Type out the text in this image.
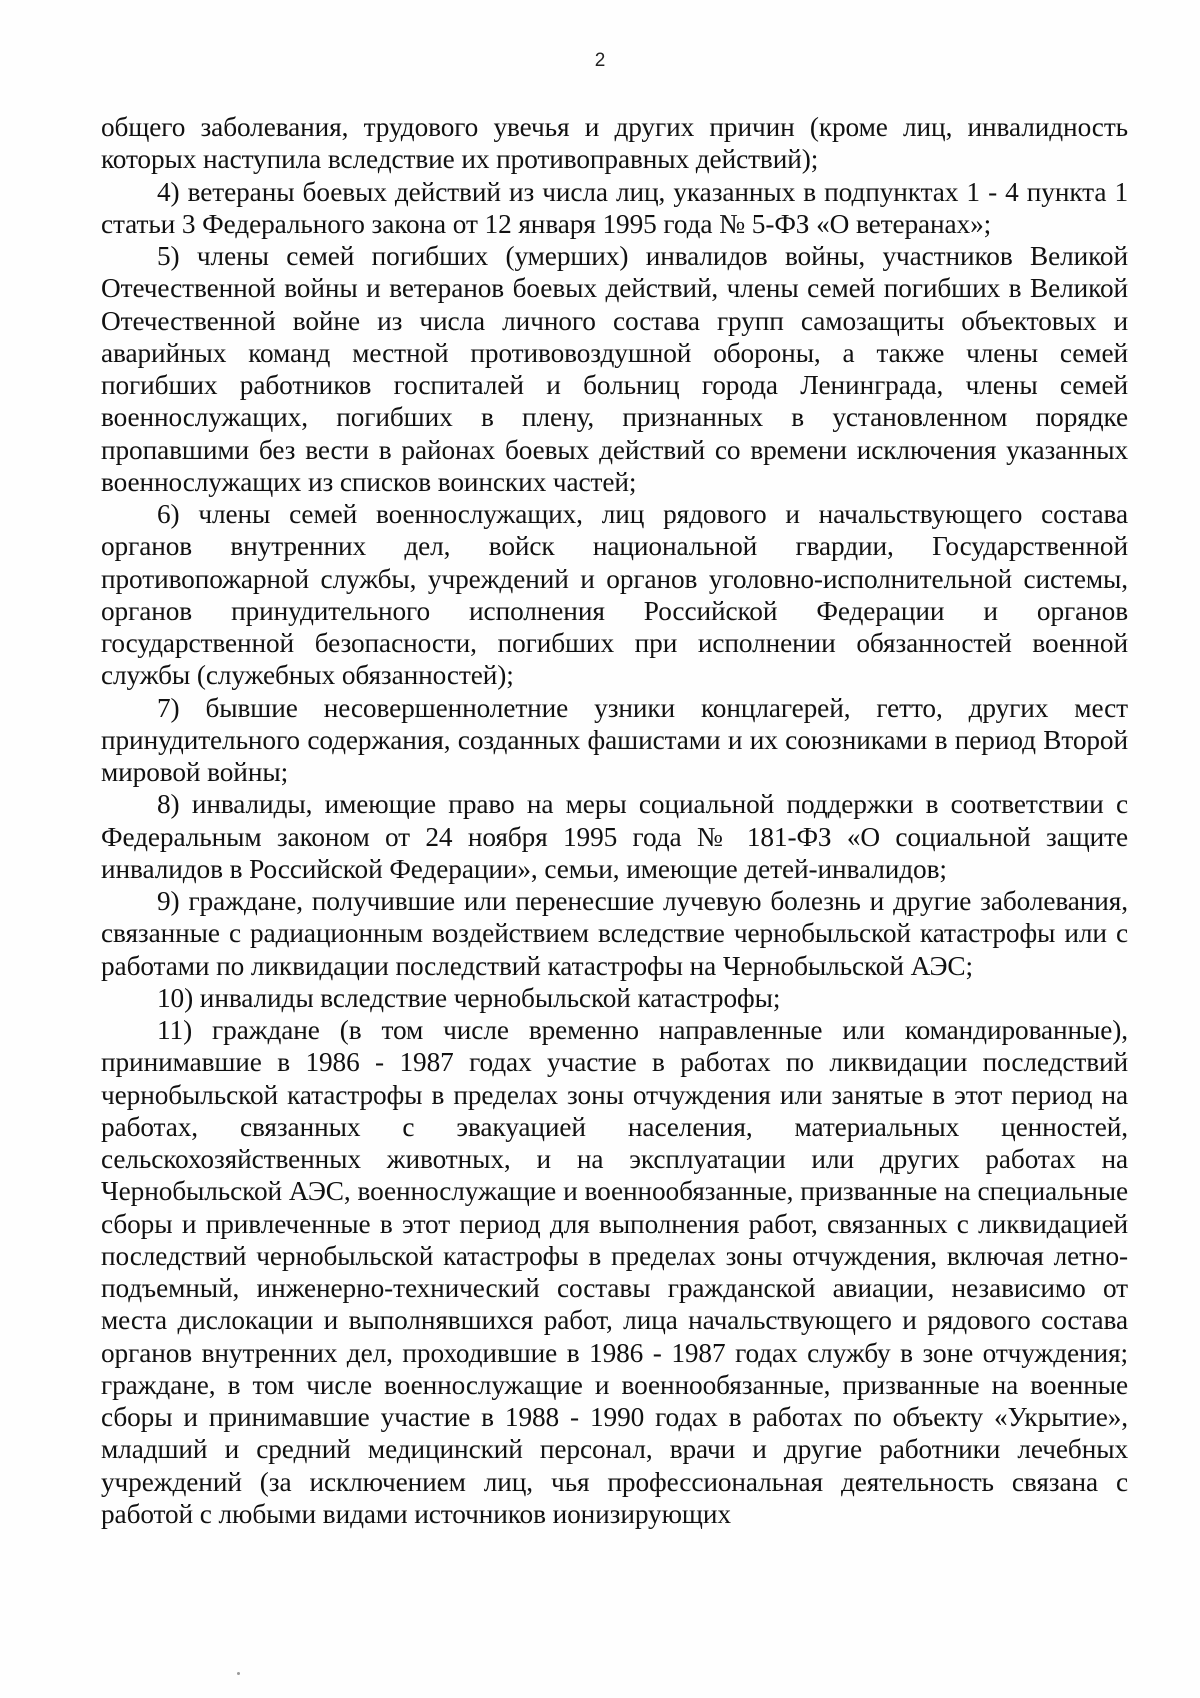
2

общего заболевания, трудового увечья и других причин (кроме лиц, инвалидность которых наступила вследствие их противоправных действий);

4) ветераны боевых действий из числа лиц, указанных в подпунктах 1 - 4 пункта 1 статьи 3 Федерального закона от 12 января 1995 года № 5-ФЗ «О ветеранах»;

5) члены семей погибших (умерших) инвалидов войны, участников Великой Отечественной войны и ветеранов боевых действий, члены семей погибших в Великой Отечественной войне из числа личного состава групп самозащиты объектовых и аварийных команд местной противовоздушной обороны, а также члены семей погибших работников госпиталей и больниц города Ленинграда, члены семей военнослужащих, погибших в плену, признанных в установленном порядке пропавшими без вести в районах боевых действий со времени исключения указанных военнослужащих из списков воинских частей;

6) члены семей военнослужащих, лиц рядового и начальствующего состава органов внутренних дел, войск национальной гвардии, Государственной противопожарной службы, учреждений и органов уголовно-исполнительной системы, органов принудительного исполнения Российской Федерации и органов государственной безопасности, погибших при исполнении обязанностей военной службы (служебных обязанностей);

7) бывшие несовершеннолетние узники концлагерей, гетто, других мест принудительного содержания, созданных фашистами и их союзниками в период Второй мировой войны;

8) инвалиды, имеющие право на меры социальной поддержки в соответствии с Федеральным законом от 24 ноября 1995 года № 181-ФЗ «О социальной защите инвалидов в Российской Федерации», семьи, имеющие детей-инвалидов;

9) граждане, получившие или перенесшие лучевую болезнь и другие заболевания, связанные с радиационным воздействием вследствие чернобыльской катастрофы или с работами по ликвидации последствий катастрофы на Чернобыльской АЭС;

10) инвалиды вследствие чернобыльской катастрофы;

11) граждане (в том числе временно направленные или командированные), принимавшие в 1986 - 1987 годах участие в работах по ликвидации последствий чернобыльской катастрофы в пределах зоны отчуждения или занятые в этот период на работах, связанных с эвакуацией населения, материальных ценностей, сельскохозяйственных животных, и на эксплуатации или других работах на Чернобыльской АЭС, военнослужащие и военнообязанные, призванные на специальные сборы и привлеченные в этот период для выполнения работ, связанных с ликвидацией последствий чернобыльской катастрофы в пределах зоны отчуждения, включая летно-подъемный, инженерно-технический составы гражданской авиации, независимо от места дислокации и выполнявшихся работ, лица начальствующего и рядового состава органов внутренних дел, проходившие в 1986 - 1987 годах службу в зоне отчуждения; граждане, в том числе военнослужащие и военнообязанные, призванные на военные сборы и принимавшие участие в 1988 - 1990 годах в работах по объекту «Укрытие», младший и средний медицинский персонал, врачи и другие работники лечебных учреждений (за исключением лиц, чья профессиональная деятельность связана с работой с любыми видами источников ионизирующих
